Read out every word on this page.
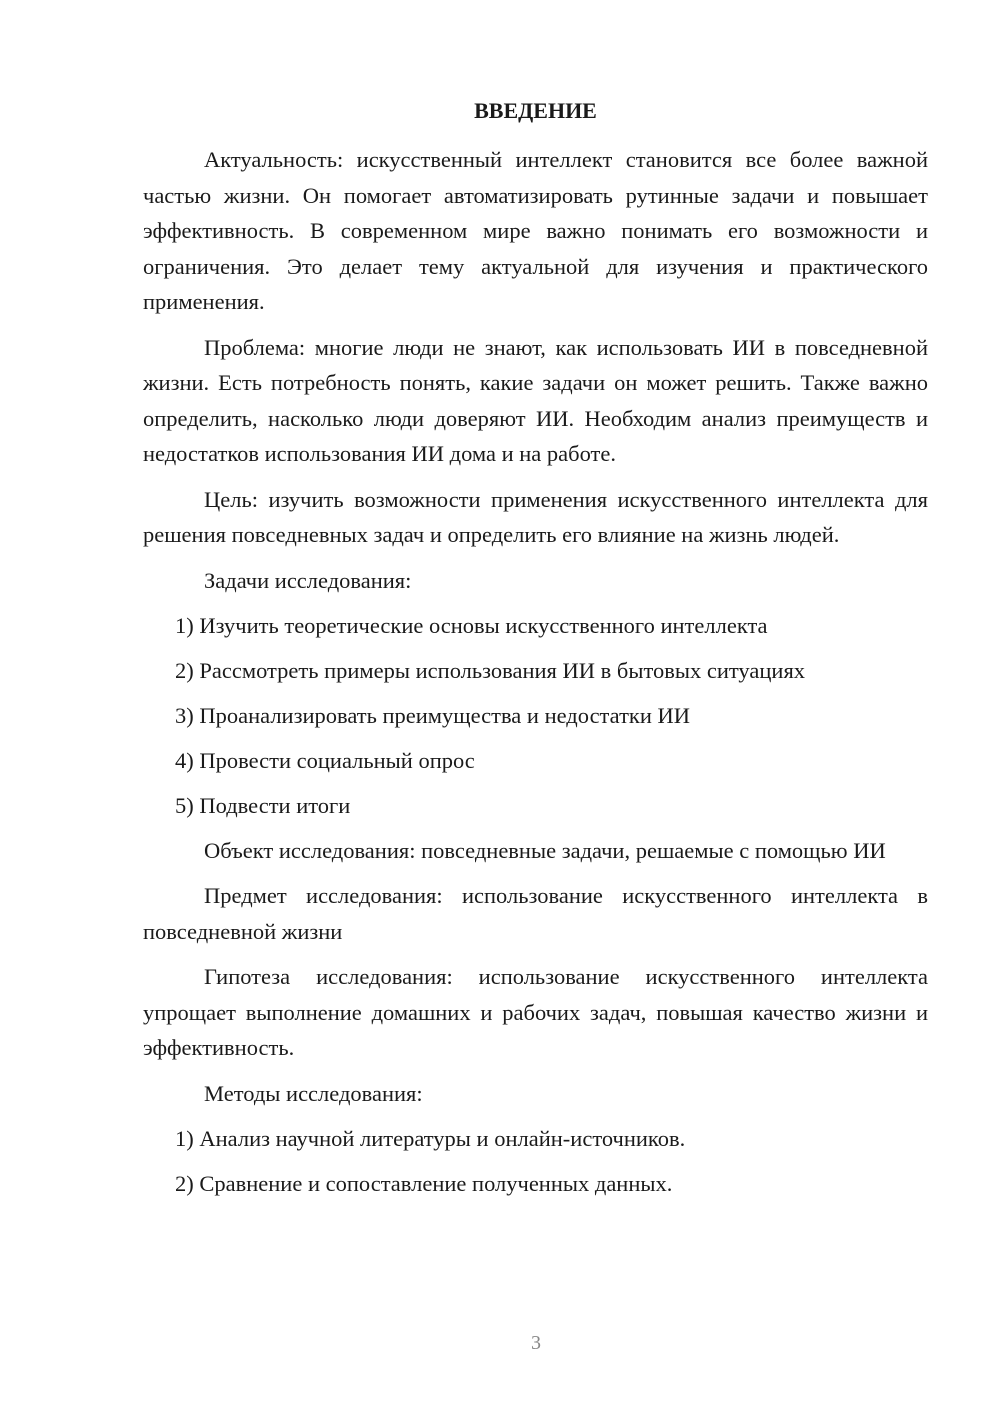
ВВЕДЕНИЕ

Актуальность: искусственный интеллект становится все более важной частью жизни. Он помогает автоматизировать рутинные задачи и повышает эффективность. В современном мире важно понимать его возможности и ограничения. Это делает тему актуальной для изучения и практического применения.

Проблема: многие люди не знают, как использовать ИИ в повседневной жизни. Есть потребность понять, какие задачи он может решить. Также важно определить, насколько люди доверяют ИИ. Необходим анализ преимуществ и недостатков использования ИИ дома и на работе.

Цель: изучить возможности применения искусственного интеллекта для решения повседневных задач и определить его влияние на жизнь людей.

Задачи исследования:
1) Изучить теоретические основы искусственного интеллекта
2) Рассмотреть примеры использования ИИ в бытовых ситуациях
3) Проанализировать преимущества и недостатки ИИ
4) Провести социальный опрос
5) Подвести итоги

Объект исследования: повседневные задачи, решаемые с помощью ИИ

Предмет исследования: использование искусственного интеллекта в повседневной жизни

Гипотеза исследования: использование искусственного интеллекта упрощает выполнение домашних и рабочих задач, повышая качество жизни и эффективность.

Методы исследования:
1) Анализ научной литературы и онлайн-источников.
2) Сравнение и сопоставление полученных данных.
3
